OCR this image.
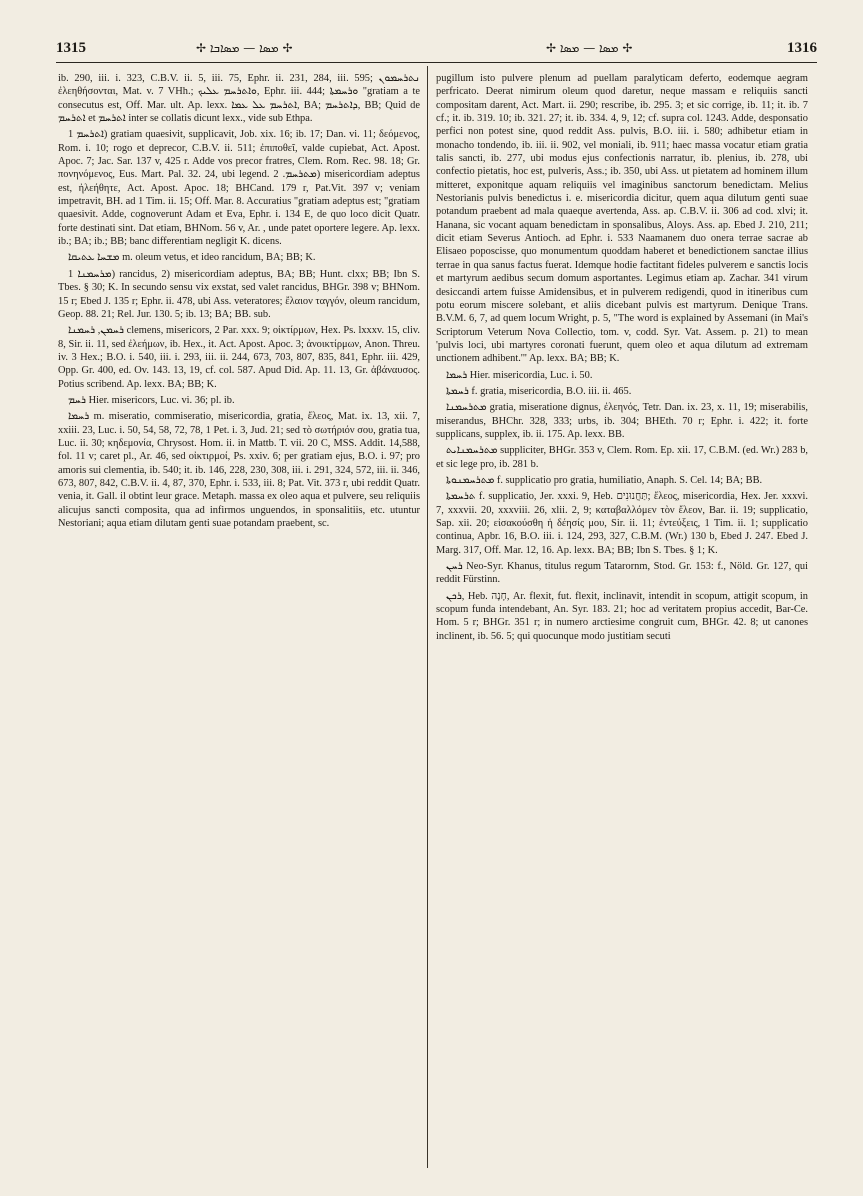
1315	✢ ܡܣܐ — ܡܣܐܒܐ ✢	✢ ܡܣܐ — ܡܣܐ ✢	1316

ib. 290, iii. i. 323, C.B.V. ii. 5, iii. 75, Ephr. ii. 231, 284, iii. 595; ܢܬܪܚܡܘܢ ἐλεηθήσονται, Mat. v. 7 VHh.; ܘܐܬܪܚܡ ܥܠܝܟ, Ephr. iii. 444; ܘܪܚܡܬܐ "gratiam a te consecutus est, Off. Mar. ult. Ap. lexx. ܐܬܪܚܡ ܥܠ ܥܡܐ, BA; ܕܐܬܪܚܡ, BB; Quid de ܐܬܪܚܡ et ܐܬܪܚܡ inter se collatis dicunt lexx., vide sub Ethpa.

ܐܬܪܚܡ 1) gratiam quaesivit, supplicavit, Job. xix. 16; ib. 17; Dan. vi. 11; δεόμενος, Rom. i. 10; rogo et deprecor, C.B.V. ii. 511; ἐπιποθεῖ, valde cupiebat, Act. Apost. Apoc. 7; Jac. Sar. 137 v, 425 r. Adde vos precor fratres, Clem. Rom. Rec. 98. 18; Gr. πονηνόμενος, Eus. Mart. Pal. 32. 24, ubi legend. ܡܬܪܚܡ. 2) misericordiam adeptus est, ἠλεήθητε, Act. Apost. Apoc. 18; BHCand. 179 r, Pat.Vit. 397 v; veniam impetravit, BH. ad 1 Tim. ii. 15; Off. Mar. 8. Accuratius "gratiam adeptus est; "gratiam quaesivit. Adde, cognoverunt Adam et Eva, Ephr. i. 134 E, de quo loco dicit Quatr. forte destinati sint. Dat etiam, BHNom. 56 v, Ar. , unde patet oportere legere. Ap. lexx. ib.; BA; ib.; BB; banc differentiam negligit K. dicens.

ܡܫܚܐ ܥܬܝܩܐ m. oleum vetus, et ideo rancidum, BA; BB; K.

ܡܪܚܡܢܐ 1) rancidus, 2) misericordiam adeptus, BA; BB; Hunt. clxx; BB; Ibn S. Tbes. § 30; K. In secundo sensu vix exstat, sed valet rancidus, BHGr. 398 v; BHNom. 15 r; Ebed J. 135 r; Ephr. ii. 478, ubi Ass. veteratores; ἔλαιον ταγγόν, oleum rancidum, Geop. 88. 21; Rel. Jur. 130. 5; ib. 13; BA; BB. sub.

ܪܚܡܢ, ܪܚܡܢܐ clemens, misericors, 2 Par. xxx. 9; οἰκτίρμων, Hex. Ps. lxxxv. 15, cliv. 8, Sir. ii. 11, sed ἐλεήμων, ib. Hex., it. Act. Apost. Apoc. 3; ἀνοικτίρμων, Anon. Threu. iv. 3 Hex.; B.O. i. 540, iii. i. 293, iii. ii. 244, 673, 703, 807, 835, 841, Ephr. iii. 429, Opp. Gr. 400, ed. Ov. 143. 13, 19, cf. col. 587. Apud Did. Ap. 11. 13, Gr. ἀβάναυσος. Potius scribend. Ap. lexx. BA; BB; K.

ܪܚܡ Hier. misericors, Luc. vi. 36; pl. ib.

ܪܚܡܐ m. miseratio, commiseratio, misericordia, gratia, ἔλεος, Mat. ix. 13, xii. 7, xxiii. 23, Luc. i. 50, 54, 58, 72, 78, 1 Pet. i. 3, Jud. 21; sed τὸ σωτήριόν σου, gratia tua, Luc. ii. 30; κηδεμονία, Chrysost. Hom. ii. in Mattb. T. vii. 20 C, MSS. Addit. 14,588, fol. 11 v; caret pl., Ar. 46, sed οἰκτιρμοί, Ps. xxiv. 6; per gratiam ejus, B.O. i. 97; pro amoris sui clementia, ib. 540; it. ib. 146, 228, 230, 308, iii. i. 291, 324, 572, iii. ii. 346, 673, 807, 842, C.B.V. ii. 4, 87, 370, Ephr. i. 533, iii. 8; Pat. Vit. 373 r, ubi reddit Quatr. venia, it. Gall. il obtint leur grace. Metaph. massa ex oleo aqua et pulvere, seu reliquiis alicujus sancti composita, qua ad infirmos unguendos, in sponsalitiis, etc. utuntur Nestoriani; aqua etiam dilutam genti suae potandam praebent, sc.

pugillum isto pulvere plenum ad puellam paralyticam deferto, eodemque aegram perfricato. Deerat nimirum oleum quod daretur, neque massam e reliquiis sancti compositam darent, Act. Mart. ii. 290; rescribe, ib. 295. 3; et sic corrige, ib. 11; it. ib. 7 cf.; it. ib. 319. 10; ib. 321. 27; it. ib. 334. 4, 9, 12; cf. supra col. 1243. Adde, desponsatio perfici non potest sine, quod reddit Ass. pulvis, B.O. iii. i. 580; adhibetur etiam in monacho tondendo, ib. iii. ii. 902, vel moniali, ib. 911; haec massa vocatur etiam gratia talis sancti, ib. 277, ubi modus ejus confectionis narratur, ib. plenius, ib. 278, ubi confectio pietatis, hoc est, pulveris, Ass.; ib. 350, ubi Ass. ut pietatem ad hominem illum mitteret, exponitque aquam reliquiis vel imaginibus sanctorum benedictam. Melius Nestorianis pulvis benedictus i. e. misericordia dicitur, quem aqua dilutum genti suae potandum praebent ad mala quaeque avertenda, Ass. ap. C.B.V. ii. 306 ad cod. xlvi; it. Hanana, sic vocant aquam benedictam in sponsalibus, Aloys. Ass. ap. Ebed J. 210, 211; dicit etiam Severus Antioch. ad Ephr. i. 533 Naamanem duo onera terrae sacrae ab Elisaeo poposcisse, quo monumentum quoddam haberet et benedictionem sanctae illius terrae in qua sanus factus fuerat. Idemque hodie factitant fideles pulverem e sanctis locis et martyrum aedibus secum domum asportantes. Legimus etiam ap. Zachar. 341 virum desiccandi artem fuisse Amidensibus, et in pulverem redigendi, quod in itineribus cum potu eorum miscere solebant, et aliis dicebant pulvis est martyrum. Denique Trans. B.V.M. 6, 7, ad quem locum Wright, p. 5, "The word is explained by Assemani (in Mai's Scriptorum Veterum Nova Collectio, tom. v, codd. Syr. Vat. Assem. p. 21) to mean 'pulvis loci, ubi martyres coronati fuerunt, quem oleo et aqua dilutum ad extremam unctionem adhibent.'" Ap. lexx. BA; BB; K.

ܪܚܡܐ Hier. misericordia, Luc. i. 50.

ܪܚܡܬܐ f. gratia, misericordia, B.O. iii. ii. 465.

ܡܬܪܚܡܢܐ gratia, miseratione dignus, ἐλεηνός, Tetr. Dan. ix. 23, x. 11, 19; miserabilis, miserandus, BHChr. 328, 333; urbs, ib. 304; BHEth. 70 r; Ephr. i. 422; it. forte supplicans, supplex, ib. ii. 175. Ap. lexx. BB.

ܡܬܪܚܡܢܐܝܬ suppliciter, BHGr. 353 v, Clem. Rom. Ep. xii. 17, C.B.M. (ed. Wr.) 283 b, et sic lege pro, ib. 281 b.

ܡܬܪܚܡܢܘܬܐ f. supplicatio pro gratia, humiliatio, Anaph. S. Cel. 14; BA; BB.

ܬܪܚܡܬܐ f. supplicatio, Jer. xxxi. 9, Heb. תַּחֲנוּנִים; ἔλεος, misericordia, Hex. Jer. xxxvi. 7, xxxvii. 20, xxxviii. 26, xlii. 2, 9; καταβαλλόμεν τὸν ἔλεον, Bar. ii. 19; supplicatio, Sap. xii. 20; εἰσακούσθη ἡ δέησίς μου, Sir. ii. 11; ἐντεύξεις, 1 Tim. ii. 1; supplicatio continua, Apbr. 16, B.O. iii. i. 124, 293, 327, C.B.M. (Wr.) 130 b, Ebed J. 247. Ebed J. Marg. 317, Off. Mar. 12, 16. Ap. lexx. BA; BB; Ibn S. Tbes. § 1; K.

ܪܚܢ Neo-Syr. Khanus, titulus regum Tatarornm, Stod. Gr. 153: f., Nöld. Gr. 127, qui reddit Fürstinn.

ܪܟܢ, Heb. חָנָה, Ar. flexit, fut. flexit, inclinavit, intendit in scopum, attigit scopum, in scopum funda intendebant, An. Syr. 183. 21; hoc ad veritatem propius accedit, Bar-Ce. Hom. 5 r; BHGr. 351 r; in numero arctiesime congruit cum, BHGr. 42. 8; ut canones inclinent, ib. 56. 5; qui quocunque modo justitiam secuti
